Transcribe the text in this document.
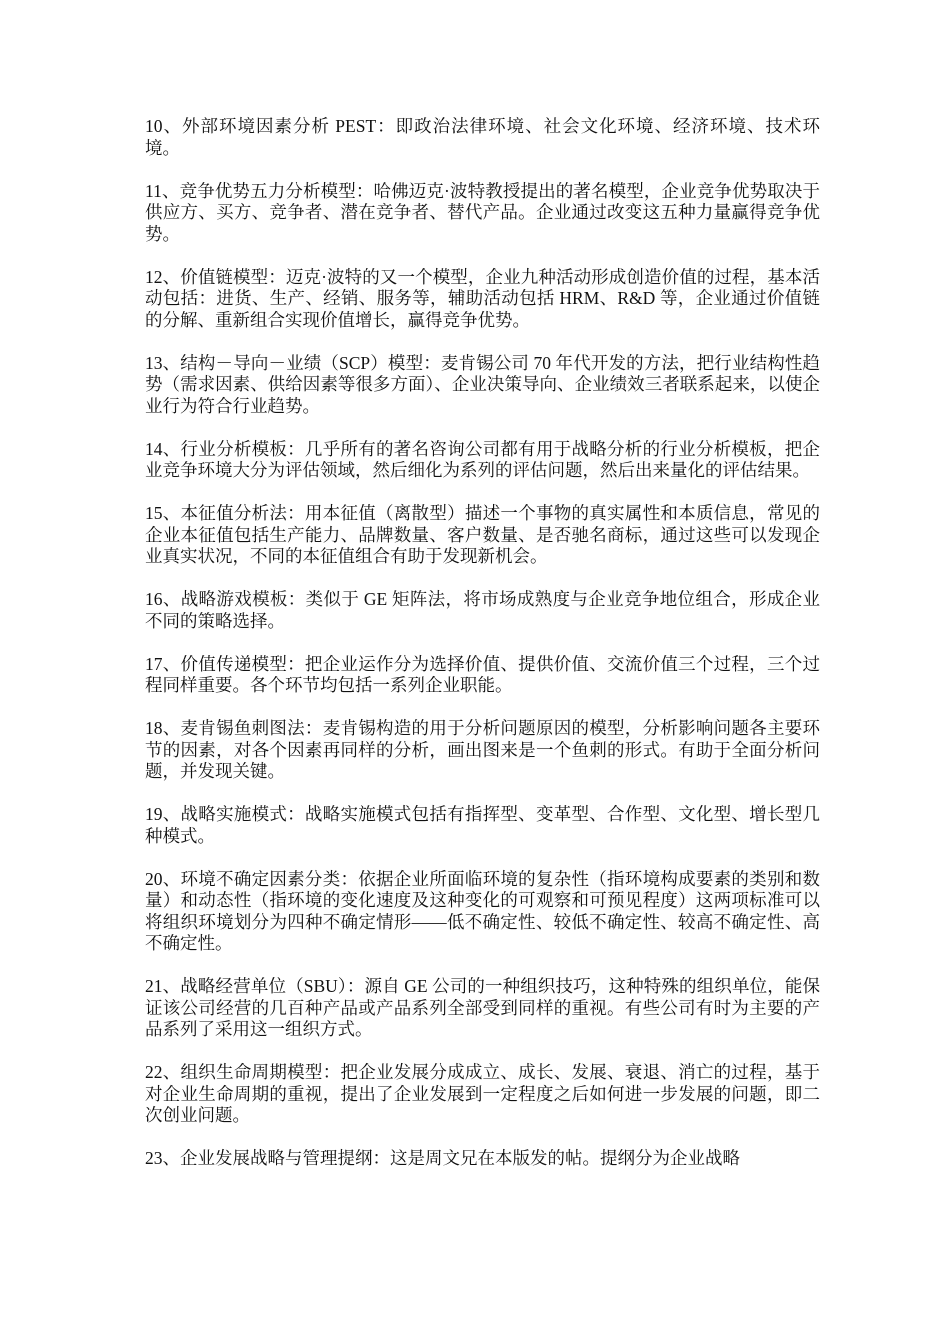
10、外部环境因素分析 PEST：即政治法律环境、社会文化环境、经济环境、技术环境。

11、竞争优势五力分析模型：哈佛迈克·波特教授提出的著名模型，企业竞争优势取决于供应方、买方、竞争者、潜在竞争者、替代产品。企业通过改变这五种力量赢得竞争优势。

12、价值链模型：迈克·波特的又一个模型，企业九种活动形成创造价值的过程，基本活动包括：进货、生产、经销、服务等，辅助活动包括 HRM、R&D 等，企业通过价值链的分解、重新组合实现价值增长，赢得竞争优势。

13、结构－导向－业绩（SCP）模型：麦肯锡公司 70 年代开发的方法，把行业结构性趋势（需求因素、供给因素等很多方面）、企业决策导向、企业绩效三者联系起来，以使企业行为符合行业趋势。

14、行业分析模板：几乎所有的著名咨询公司都有用于战略分析的行业分析模板，把企业竞争环境大分为评估领域，然后细化为系列的评估问题，然后出来量化的评估结果。

15、本征值分析法：用本征值（离散型）描述一个事物的真实属性和本质信息，常见的企业本征值包括生产能力、品牌数量、客户数量、是否驰名商标，通过这些可以发现企业真实状况，不同的本征值组合有助于发现新机会。

16、战略游戏模板：类似于 GE 矩阵法，将市场成熟度与企业竞争地位组合，形成企业不同的策略选择。

17、价值传递模型：把企业运作分为选择价值、提供价值、交流价值三个过程，三个过程同样重要。各个环节均包括一系列企业职能。

18、麦肯锡鱼刺图法：麦肯锡构造的用于分析问题原因的模型，分析影响问题各主要环节的因素，对各个因素再同样的分析，画出图来是一个鱼刺的形式。有助于全面分析问题，并发现关键。

19、战略实施模式：战略实施模式包括有指挥型、变革型、合作型、文化型、增长型几种模式。

20、环境不确定因素分类：依据企业所面临环境的复杂性（指环境构成要素的类别和数量）和动态性（指环境的变化速度及这种变化的可观察和可预见程度）这两项标准可以将组织环境划分为四种不确定情形——低不确定性、较低不确定性、较高不确定性、高不确定性。

21、战略经营单位（SBU）：源自 GE 公司的一种组织技巧，这种特殊的组织单位，能保证该公司经营的几百种产品或产品系列全部受到同样的重视。有些公司有时为主要的产品系列了采用这一组织方式。

22、组织生命周期模型：把企业发展分成成立、成长、发展、衰退、消亡的过程，基于对企业生命周期的重视，提出了企业发展到一定程度之后如何进一步发展的问题，即二次创业问题。

23、企业发展战略与管理提纲：这是周文兄在本版发的帖。提纲分为企业战略
